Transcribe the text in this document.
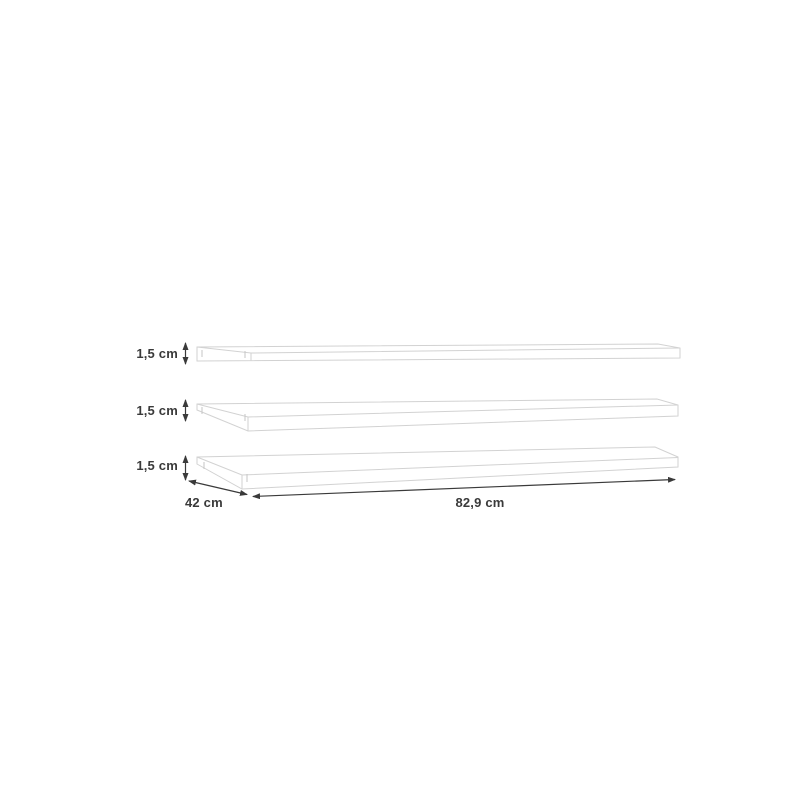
1,5 cm
1,5 cm
1,5 cm
42 cm	82,9 cm
